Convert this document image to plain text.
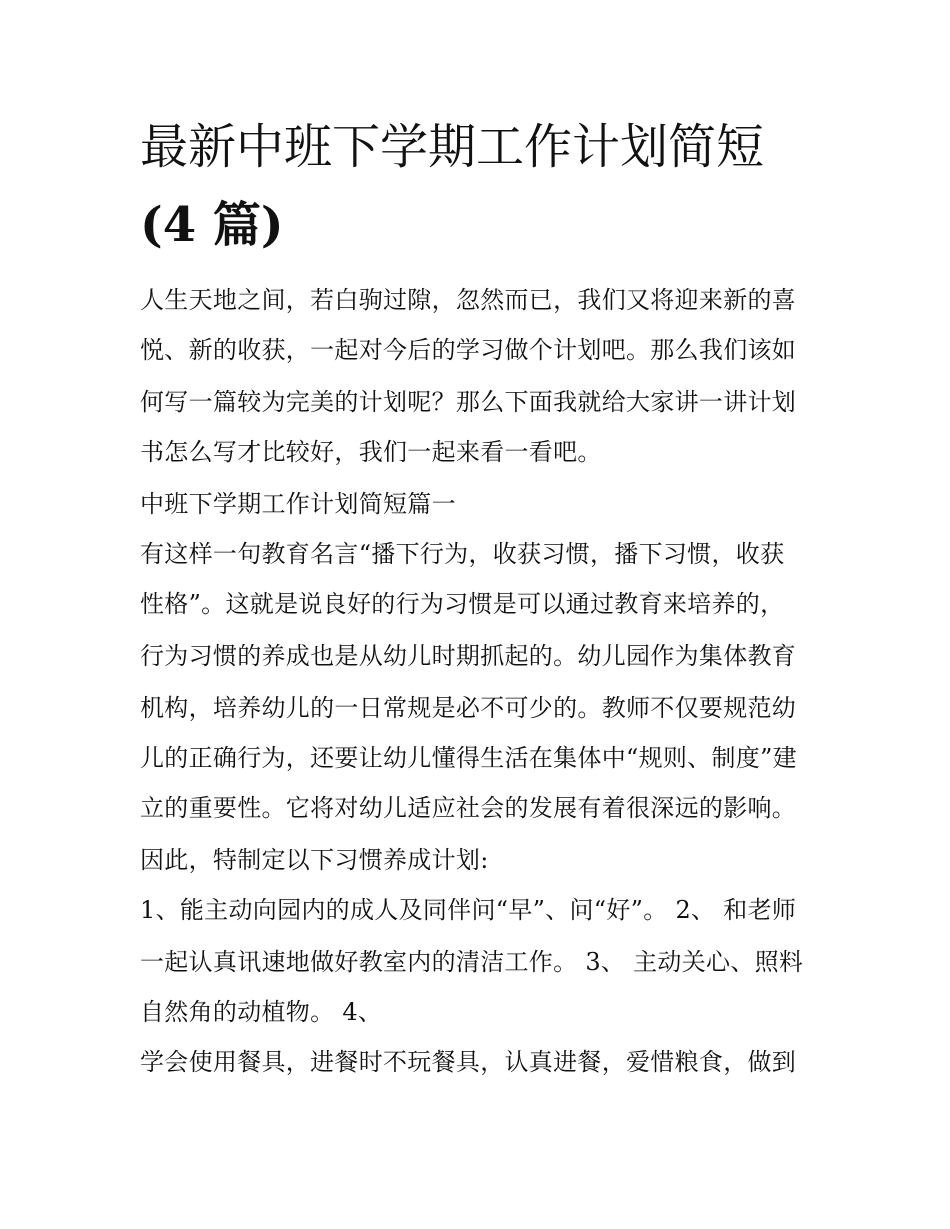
最新中班下学期工作计划简短
(4 篇)
人生天地之间，若白驹过隙，忽然而已，我们又将迎来新的喜
悦、新的收获，一起对今后的学习做个计划吧。那么我们该如
何写一篇较为完美的计划呢？那么下面我就给大家讲一讲计划
书怎么写才比较好，我们一起来看一看吧。
中班下学期工作计划简短篇一
有这样一句教育名言“播下行为，收获习惯，播下习惯，收获
性格”。这就是说良好的行为习惯是可以通过教育来培养的，
行为习惯的养成也是从幼儿时期抓起的。幼儿园作为集体教育
机构，培养幼儿的一日常规是必不可少的。教师不仅要规范幼
儿的正确行为，还要让幼儿懂得生活在集体中“规则、制度”建
立的重要性。它将对幼儿适应社会的发展有着很深远的影响。
因此，特制定以下习惯养成计划:
1、能主动向园内的成人及同伴问“早”、问“好”。 2、 和老师
一起认真讯速地做好教室内的清洁工作。 3、 主动关心、照料
自然角的动植物。 4、
学会使用餐具，进餐时不玩餐具，认真进餐，爱惜粮食，做到
